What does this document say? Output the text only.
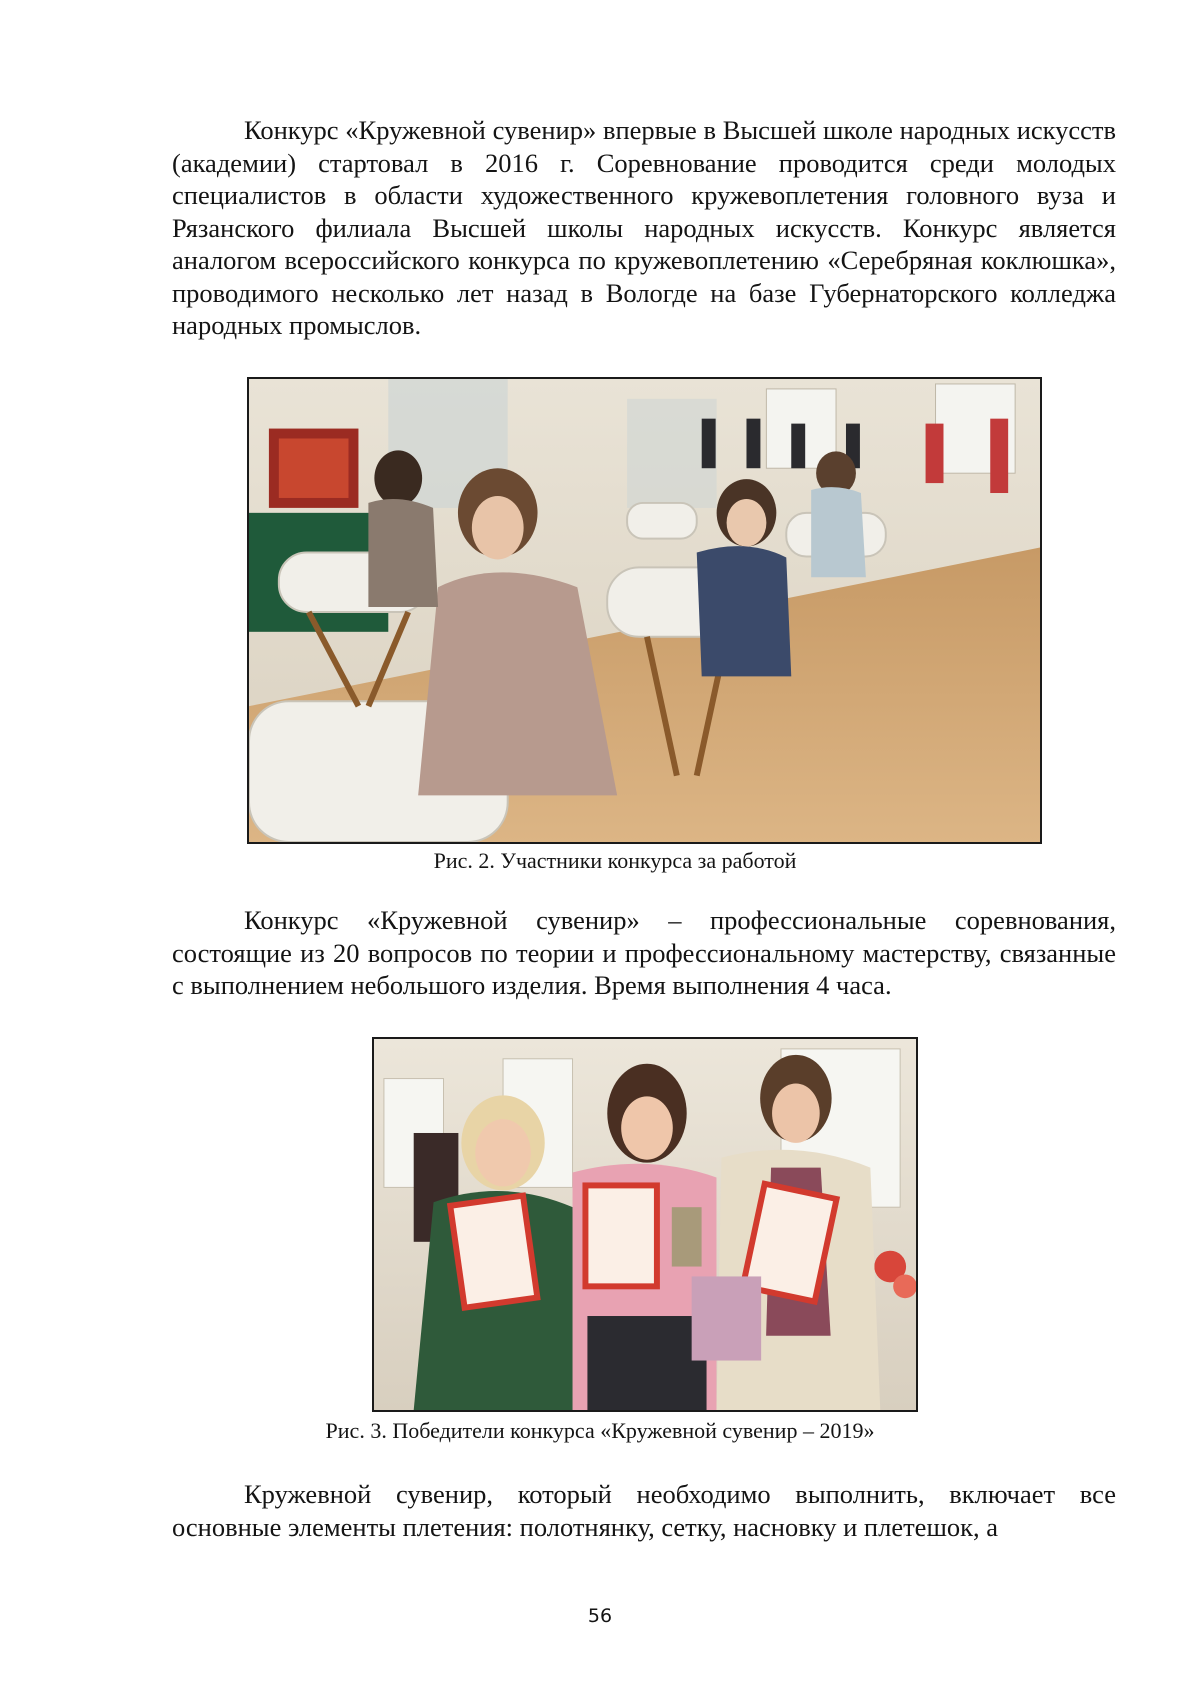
Конкурс «Кружевной сувенир» впервые в Высшей школе народных искусств (академии) стартовал в 2016 г. Соревнование проводится среди молодых специалистов в области художественного кружевоплетения головного вуза и Рязанского филиала Высшей школы народных искусств. Конкурс является аналогом всероссийского конкурса по кружевоплетению «Серебряная коклюшка», проводимого несколько лет назад в Вологде на базе Губернаторского колледжа народных промыслов.

Рис. 2. Участники конкурса за работой

Конкурс «Кружевной сувенир» – профессиональные соревнования, состоящие из 20 вопросов по теории и профессиональному мастерству, связанные с выполнением небольшого изделия. Время выполнения 4 часа.

Рис. 3. Победители конкурса «Кружевной сувенир – 2019»

Кружевной сувенир, который необходимо выполнить, включает все основные элементы плетения: полотнянку, сетку, насновку и плетешок, а

56
